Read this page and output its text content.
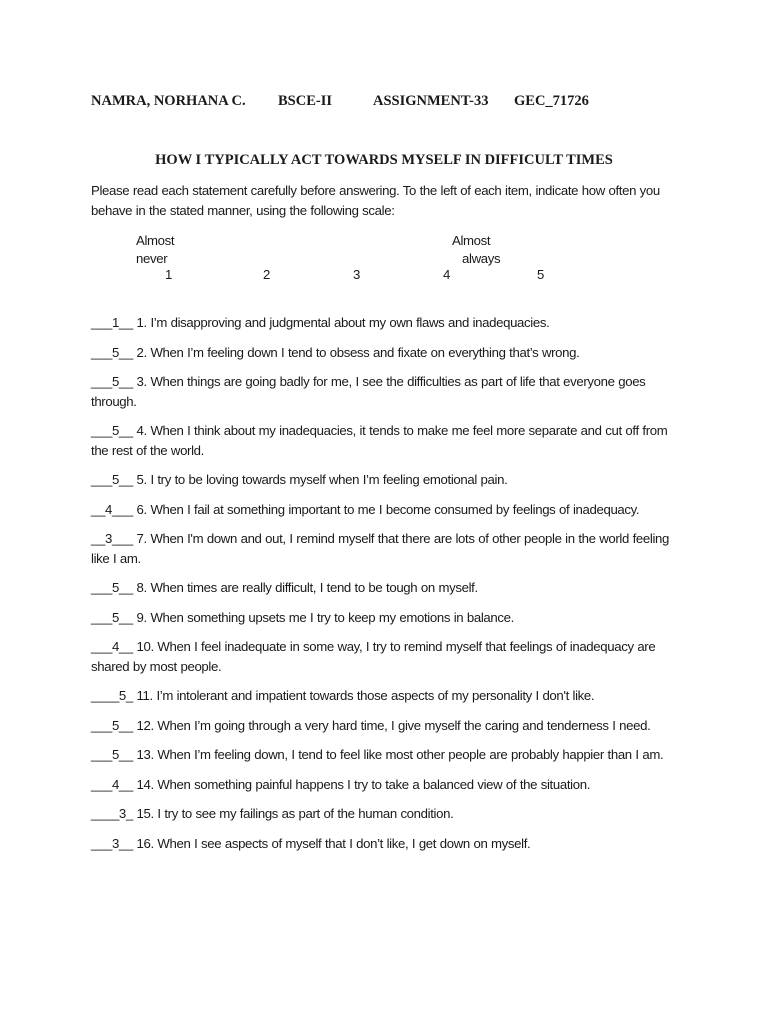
NAMRA, NORHANA C. BSCE-II	ASSIGNMENT-33 GEC_71726
HOW I TYPICALLY ACT TOWARDS MYSELF IN DIFFICULT TIMES
Please read each statement carefully before answering. To the left of each item, indicate how often you behave in the stated manner, using the following scale:
Almost
never
Almost
always
1	2	3	4	5
___1__ 1. I’m disapproving and judgmental about my own flaws and inadequacies.
___5__ 2. When I’m feeling down I tend to obsess and fixate on everything that’s wrong.
___5__ 3. When things are going badly for me, I see the difficulties as part of life that everyone goes through.
___5__ 4. When I think about my inadequacies, it tends to make me feel more separate and cut off from the rest of the world.
___5__ 5. I try to be loving towards myself when I’m feeling emotional pain.
__4___ 6. When I fail at something important to me I become consumed by feelings of inadequacy.
__3___ 7. When I'm down and out, I remind myself that there are lots of other people in the world feeling like I am.
___5__ 8. When times are really difficult, I tend to be tough on myself.
___5__ 9. When something upsets me I try to keep my emotions in balance.
___4__ 10. When I feel inadequate in some way, I try to remind myself that feelings of inadequacy are shared by most people.
____5_ 11. I’m intolerant and impatient towards those aspects of my personality I don't like.
___5__ 12. When I’m going through a very hard time, I give myself the caring and tenderness I need.
___5__ 13. When I’m feeling down, I tend to feel like most other people are probably happier than I am.
___4__ 14. When something painful happens I try to take a balanced view of the situation.
____3_ 15. I try to see my failings as part of the human condition.
___3__ 16. When I see aspects of myself that I don’t like, I get down on myself.
